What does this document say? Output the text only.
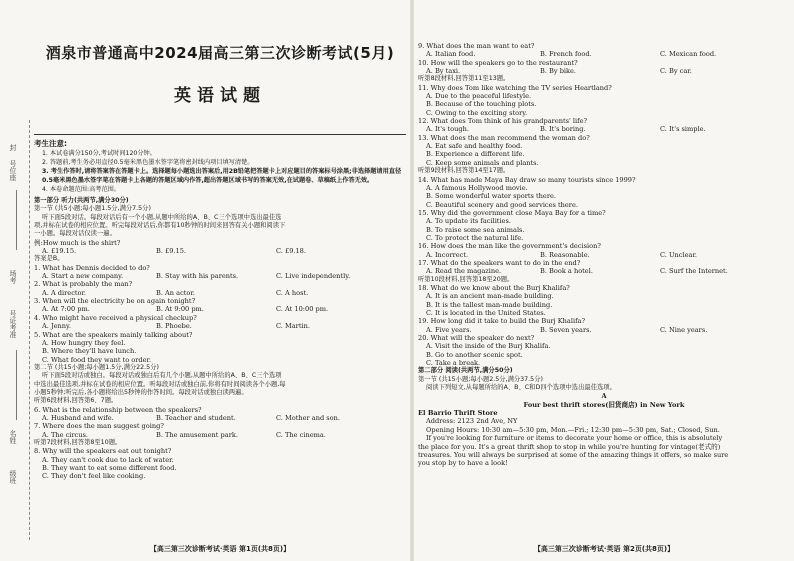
封
号位座
场考
号证考准
名姓
级班
酒泉市普通高中2024届高三第三次诊断考试(5月)
英语试题
考生注意:
1. 本试卷满分150分,考试时间120分钟。
2. 答题前,考生务必用直径0.5毫米黑色墨水签字笔将密封线内项目填写清楚。
3. 考生作答时,请将答案答在答题卡上。选择题每小题选出答案后,用2B铅笔把答题卡上对应题目的答案标号涂黑;非选择题请用直径0.5毫米黑色墨水签字笔在答题卡上各题的答题区域内作答,超出答题区域书写的答案无效,在试题卷、草稿纸上作答无效。
4. 本卷命题范围:高考范围。
第一部分 听力(共两节,满分30分)
第一节 (共5小题;每小题1.5分,满分7.5分)
听下面5段对话。每段对话后有一个小题,从题中所给的A、B、C三个选项中选出最佳选
项,并标在试卷的相应位置。听完每段对话后,你都有10秒钟的时间来回答有关小题和阅读下
一小题。每段对话仅读一遍。
例:How much is the shirt?
A. £19.15.	B. £9.15.	C. £9.18.
答案是B。
1. What has Dennis decided to do?
A. Start a new company.	B. Stay with his parents.	C. Live independently.
2. What is probably the man?
A. A director.	B. An actor.	C. A host.
3. When will the electricity be on again tonight?
A. At 7:00 pm.	B. At 9:00 pm.	C. At 10:00 pm.
4. Who might have received a physical checkup?
A. Jenny.	B. Phoebe.	C. Martin.
5. What are the speakers mainly talking about?
A. How hungry they feel.
B. Where they'll have lunch.
C. What food they want to order.
第二节 (共15小题;每小题1.5分,满分22.5分)
听下面5段对话或独白。每段对话或独白后有几个小题,从题中所给的A、B、C三个选项
中选出最佳选项,并标在试卷的相应位置。听每段对话或独白前,你将有时间阅读各个小题,每
小题5秒钟;听完后,各小题将给出5秒钟的作答时间。每段对话或独白读两遍。
听第6段材料,回答第6、7题。
6. What is the relationship between the speakers?
A. Husband and wife.	B. Teacher and student.	C. Mother and son.
7. Where does the man suggest going?
A. The circus.	B. The amusement park.	C. The cinema.
听第7段材料,回答第8至10题。
8. Why will the speakers eat out tonight?
A. They can't cook due to lack of water.
B. They want to eat some different food.
C. They don't feel like cooking.
【高三第三次诊断考试·英语 第1页(共8页)】
9. What does the man want to eat?
A. Italian food.	B. French food.	C. Mexican food.
10. How will the speakers go to the restaurant?
A. By taxi.	B. By bike.	C. By car.
听第8段材料,回答第11至13题。
11. Why does Tom like watching the TV series Heartland?
A. Due to the peaceful lifestyle.
B. Because of the touching plots.
C. Owing to the exciting story.
12. What does Tom think of his grandparents' life?
A. It's tough.	B. It's boring.	C. It's simple.
13. What does the man recommend the woman do?
A. Eat safe and healthy food.
B. Experience a different life.
C. Keep some animals and plants.
听第9段材料,回答第14至17题。
14. What has made Maya Bay draw so many tourists since 1999?
A. A famous Hollywood movie.
B. Some wonderful water sports there.
C. Beautiful scenery and good services there.
15. Why did the government close Maya Bay for a time?
A. To update its facilities.
B. To raise some sea animals.
C. To protect the natural life.
16. How does the man like the government's decision?
A. Incorrect.	B. Reasonable.	C. Unclear.
17. What do the speakers want to do in the end?
A. Read the magazine.	B. Book a hotel.	C. Surf the Internet.
听第10段材料,回答第18至20题。
18. What do we know about the Burj Khalifa?
A. It is an ancient man-made building.
B. It is the tallest man-made building.
C. It is located in the United States.
19. How long did it take to build the Burj Khalifa?
A. Five years.	B. Seven years.	C. Nine years.
20. What will the speaker do next?
A. Visit the inside of the Burj Khalifa.
B. Go to another scenic spot.
C. Take a break.
第二部分 阅读(共两节,满分50分)
第一节 (共15小题;每小题2.5分,满分37.5分)
阅读下列短文,从每题所给的A、B、C和D四个选项中选出最佳选项。
A
Four best thrift stores(旧货商店) in New York
El Barrio Thrift Store
Address: 2123 2nd Ave, NY
Opening Hours: 10:30 am—5:30 pm, Mon.—Fri.; 12:30 pm—5:30 pm, Sat.; Closed, Sun.
If you're looking for furniture or items to decorate your home or office, this is absolutely
the place for you. It's a great thrift shop to stop in while you're hunting for vintage(老式的)
treasures. You will always be surprised at some of the amazing things it offers, so make sure
you stop by to have a look!
【高三第三次诊断考试·英语 第2页(共8页)】
